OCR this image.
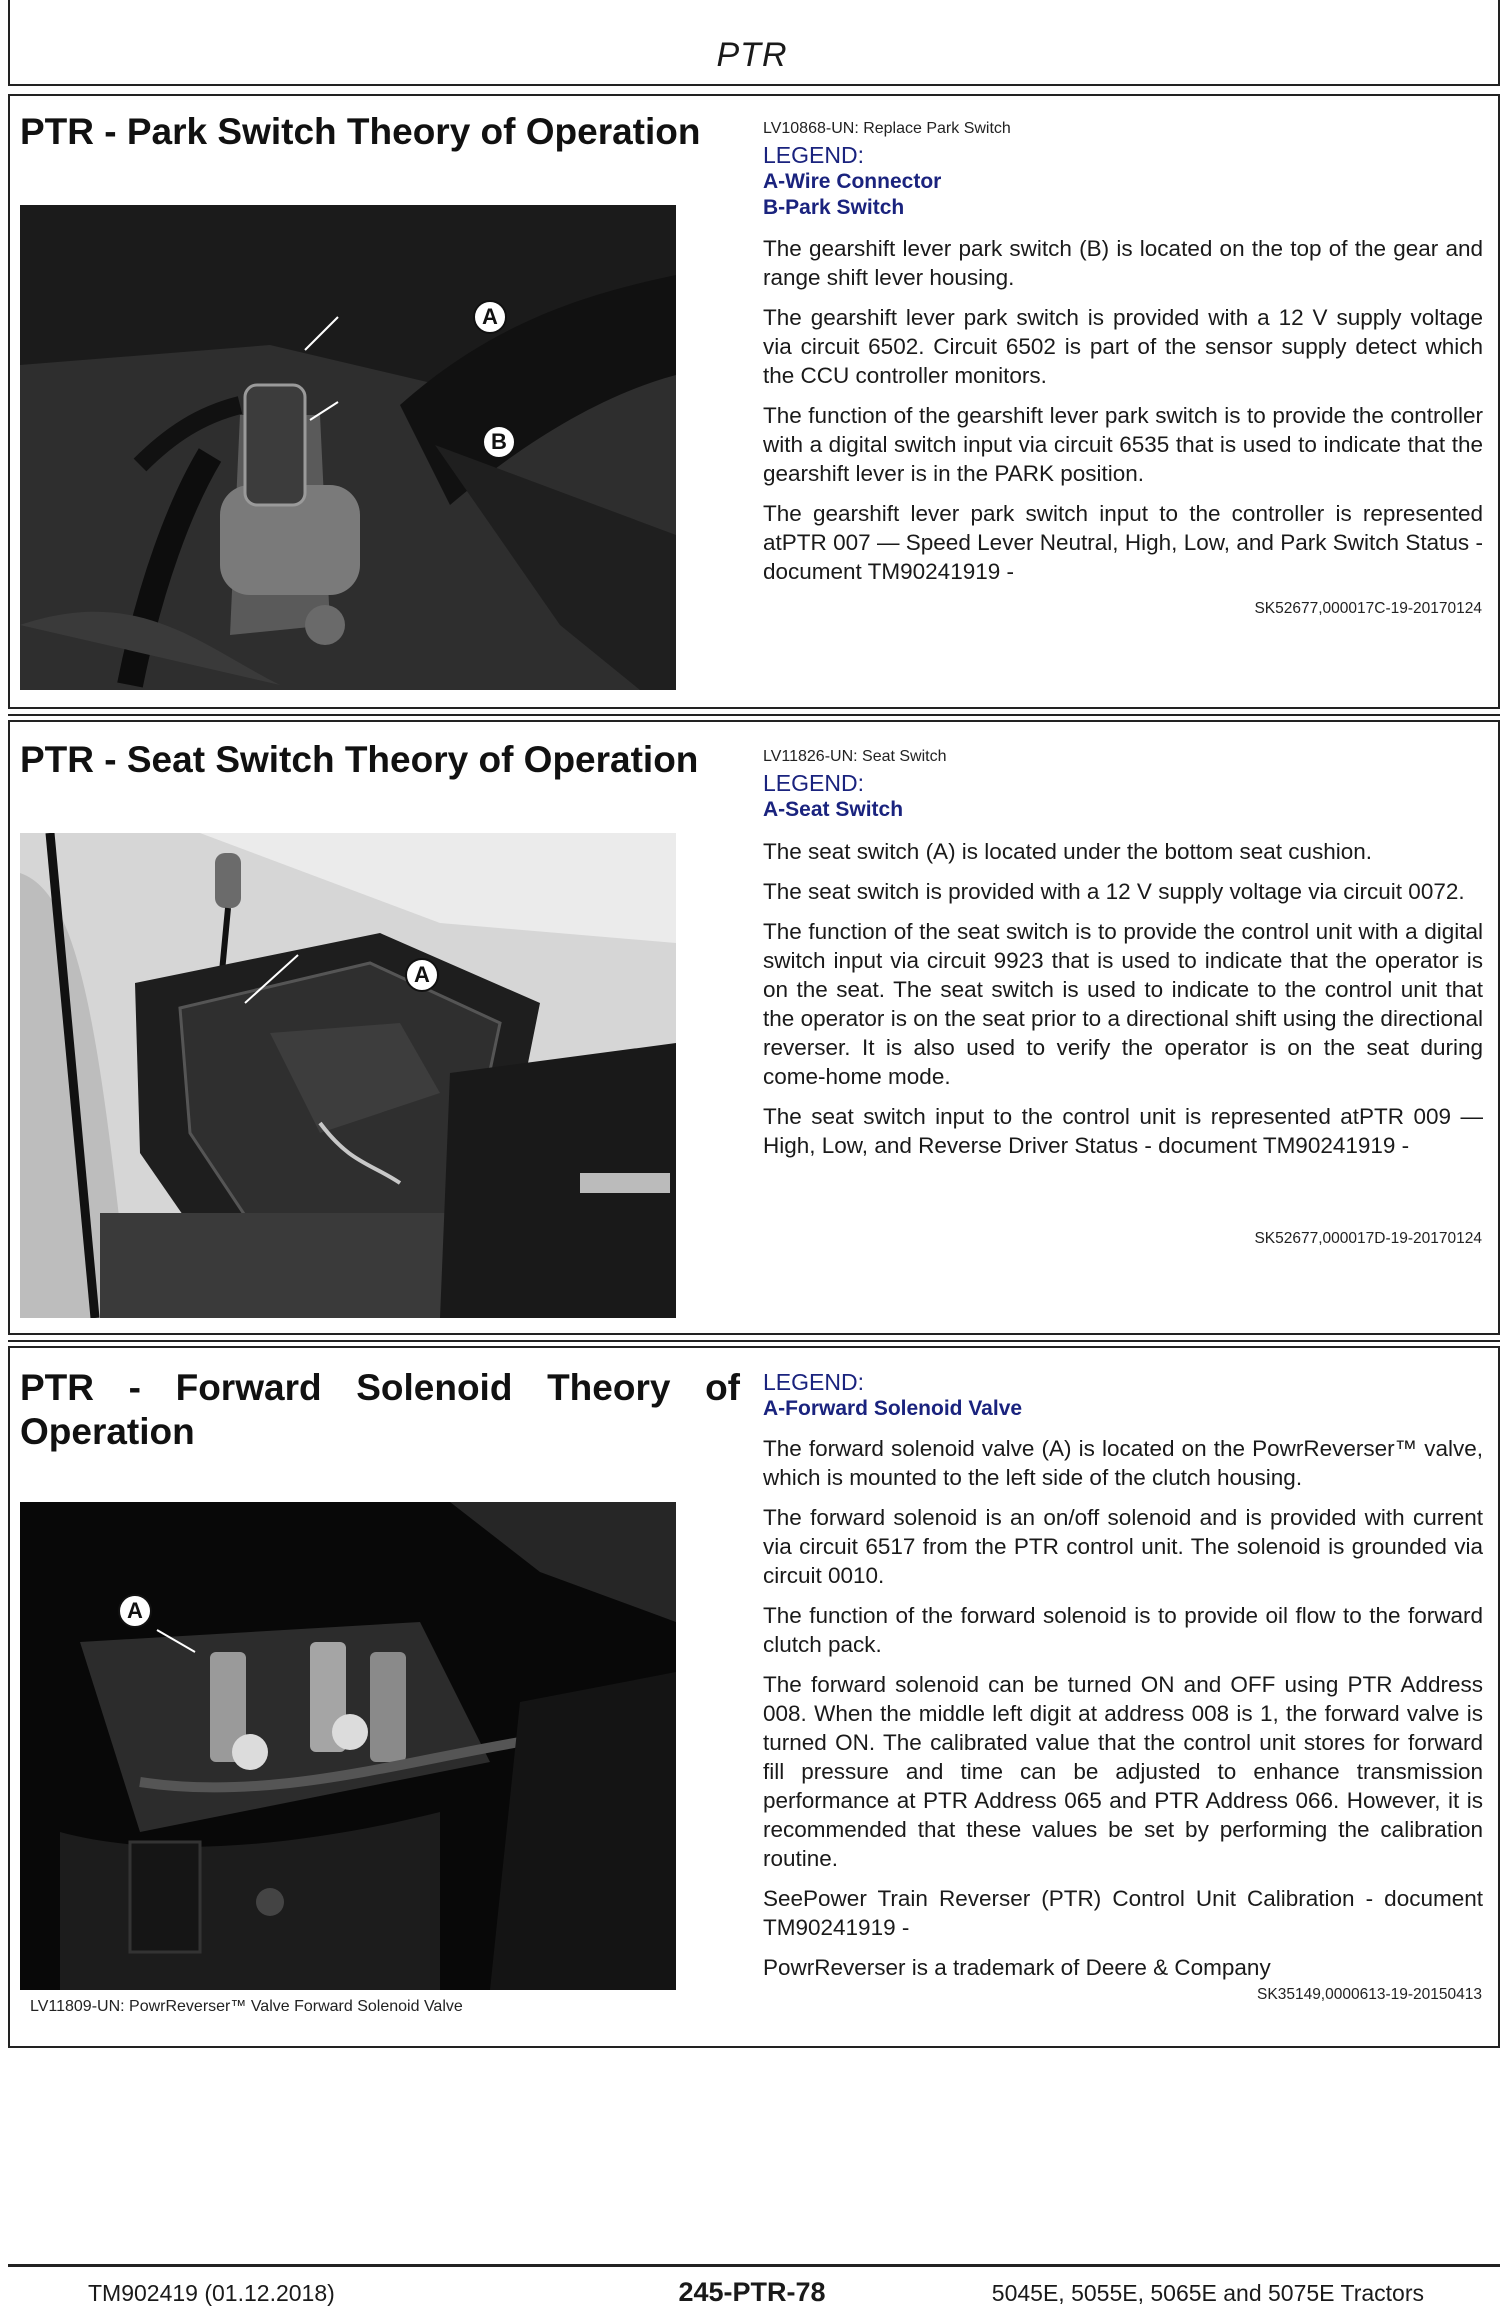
PTR
PTR - Park Switch Theory of Operation
A
B
LV10868-UN: Replace Park Switch
LEGEND:
A-Wire Connector
B-Park Switch

The gearshift lever park switch (B) is located on the top of the gear and range shift lever housing.

The gearshift lever park switch is provided with a 12 V supply voltage via circuit 6502. Circuit 6502 is part of the sensor supply detect which the CCU controller monitors.

The function of the gearshift lever park switch is to provide the controller with a digital switch input via circuit 6535 that is used to indicate that the gearshift lever is in the PARK position.

The gearshift lever park switch input to the controller is represented atPTR 007 — Speed Lever Neutral, High, Low, and Park Switch Status - document TM90241919 -

SK52677,000017C-19-20170124
PTR - Seat Switch Theory of Operation
A
LV11826-UN: Seat Switch
LEGEND:
A-Seat Switch

The seat switch (A) is located under the bottom seat cushion.

The seat switch is provided with a 12 V supply voltage via circuit 0072.

The function of the seat switch is to provide the control unit with a digital switch input via circuit 9923 that is used to indicate that the operator is on the seat. The seat switch is used to indicate to the control unit that the operator is on the seat prior to a directional shift using the directional reverser. It is also used to verify the operator is on the seat during come-home mode.

The seat switch input to the control unit is represented atPTR 009 — High, Low, and Reverse Driver Status - document TM90241919 -

SK52677,000017D-19-20170124
PTR - Forward Solenoid Theory of
Operation
A
LV11809-UN: PowrReverser™ Valve Forward Solenoid Valve
LEGEND:
A-Forward Solenoid Valve

The forward solenoid valve (A) is located on the PowrReverser™ valve, which is mounted to the left side of the clutch housing.

The forward solenoid is an on/off solenoid and is provided with current via circuit 6517 from the PTR control unit. The solenoid is grounded via circuit 0010.

The function of the forward solenoid is to provide oil flow to the forward clutch pack.

The forward solenoid can be turned ON and OFF using PTR Address 008. When the middle left digit at address 008 is 1, the forward valve is turned ON. The calibrated value that the control unit stores for forward fill pressure and time can be adjusted to enhance transmission performance at PTR Address 065 and PTR Address 066. However, it is recommended that these values be set by performing the calibration routine.

SeePower Train Reverser (PTR) Control Unit Calibration - document TM90241919 -

PowrReverser is a trademark of Deere & Company

SK35149,0000613-19-20150413
TM902419 (01.12.2018)	245-PTR-78	5045E, 5055E, 5065E and 5075E Tractors
